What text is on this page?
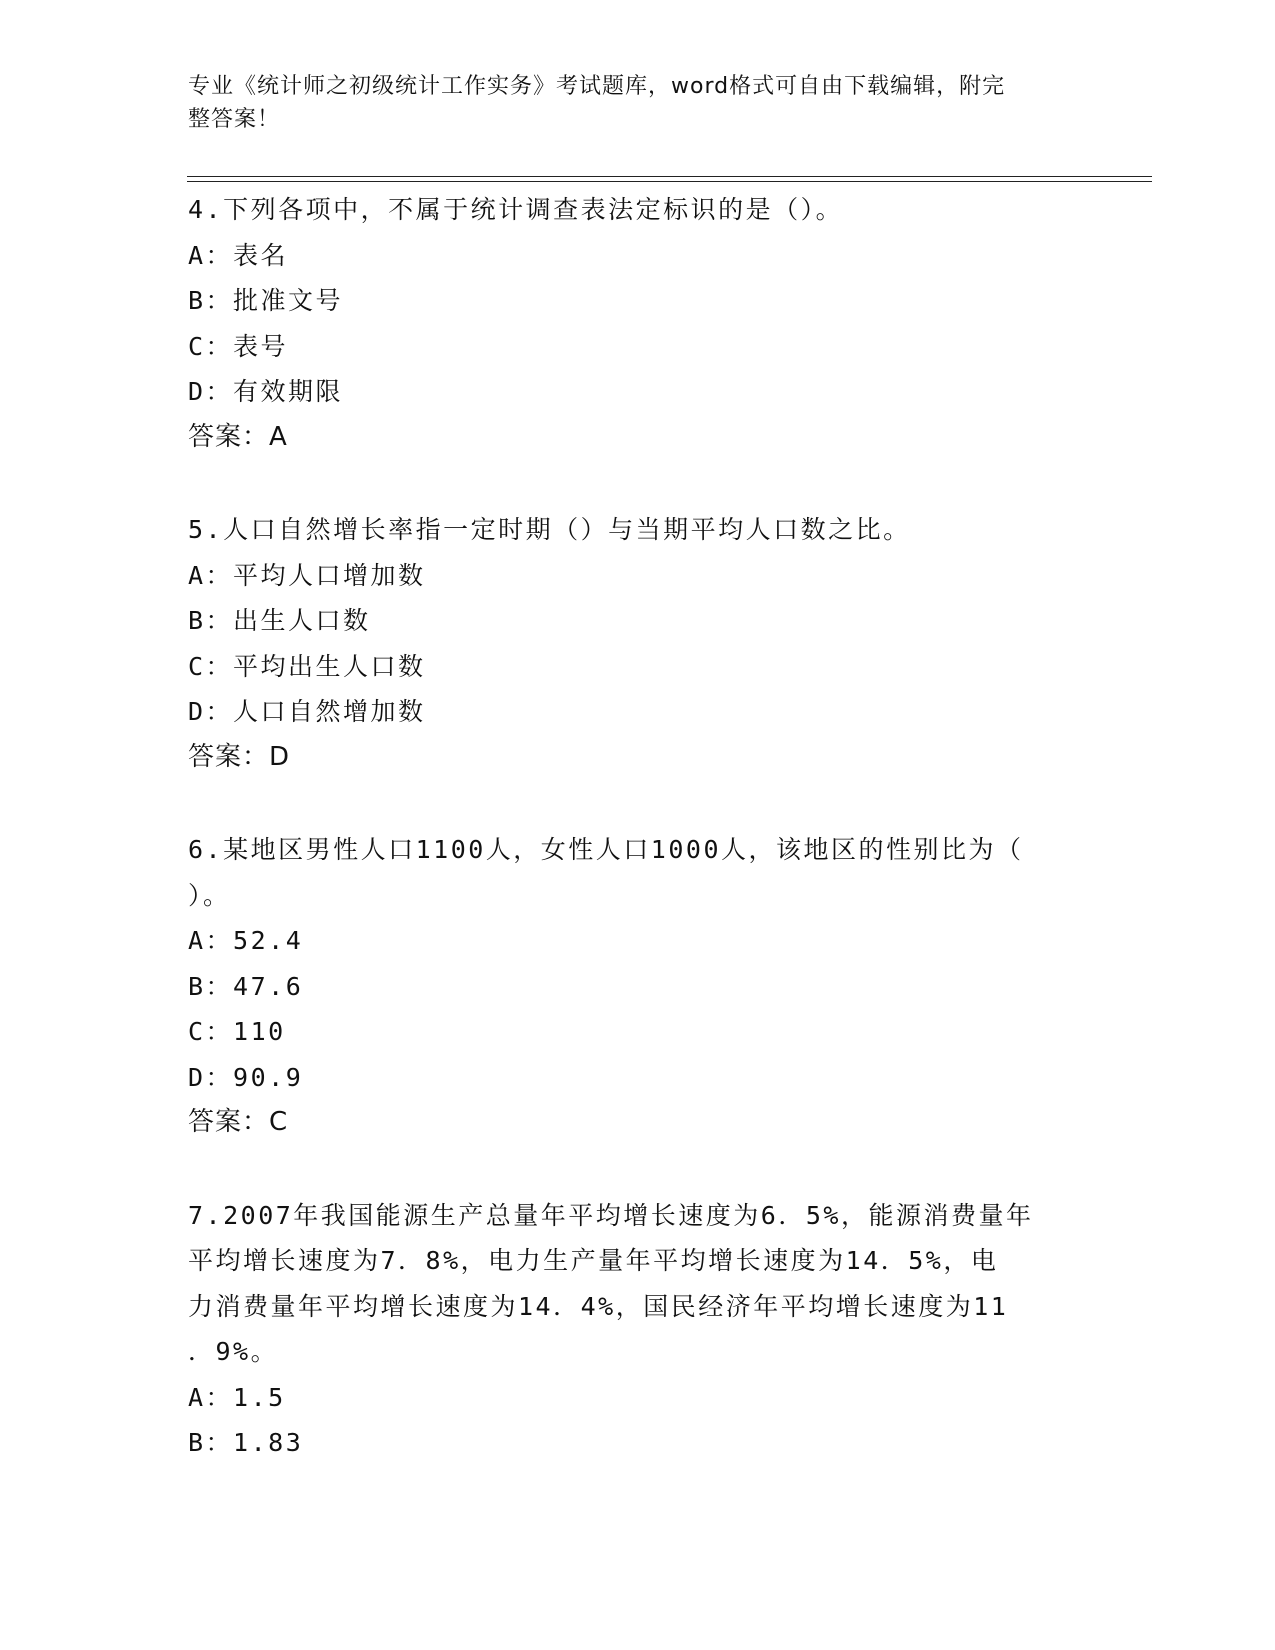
专业《统计师之初级统计工作实务》考试题库，word格式可自由下载编辑，附完
整答案！
4.下列各项中，不属于统计调查表法定标识的是（）。
A：表名
B：批准文号
C：表号
D：有效期限
答案：A
5.人口自然增长率指一定时期（）与当期平均人口数之比。
A：平均人口增加数
B：出生人口数
C：平均出生人口数
D：人口自然增加数
答案：D
6.某地区男性人口1100人，女性人口1000人，该地区的性别比为（
）。
A：52.4
B：47.6
C：110
D：90.9
答案：C
7.2007年我国能源生产总量年平均增长速度为6．5%，能源消费量年
平均增长速度为7．8%，电力生产量年平均增长速度为14．5%，电
力消费量年平均增长速度为14．4%，国民经济年平均增长速度为11
．9%。
A：1.5
B：1.83
